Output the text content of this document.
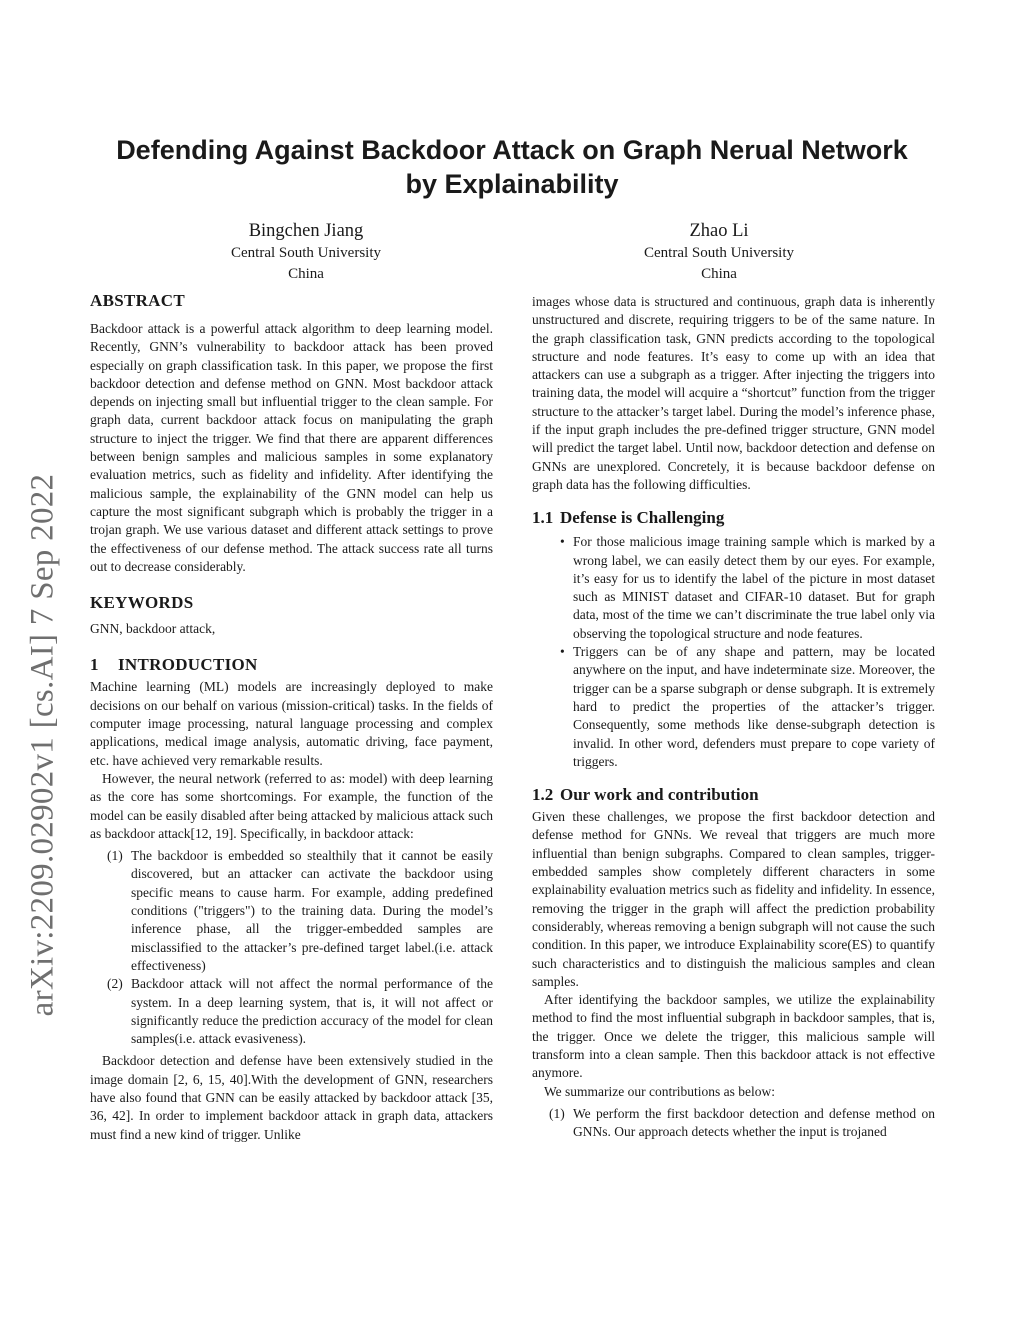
arXiv:2209.02902v1 [cs.AI] 7 Sep 2022
Defending Against Backdoor Attack on Graph Nerual Network
by Explainability
Bingchen Jiang
Central South University
China
Zhao Li
Central South University
China
ABSTRACT

Backdoor attack is a powerful attack algorithm to deep learning model. Recently, GNN’s vulnerability to backdoor attack has been proved especially on graph classification task. In this paper, we propose the first backdoor detection and defense method on GNN. Most backdoor attack depends on injecting small but influential trigger to the clean sample. For graph data, current backdoor attack focus on manipulating the graph structure to inject the trigger. We find that there are apparent differences between benign samples and malicious samples in some explanatory evaluation metrics, such as fidelity and infidelity. After identifying the malicious sample, the explainability of the GNN model can help us capture the most significant subgraph which is probably the trigger in a trojan graph. We use various dataset and different attack settings to prove the effectiveness of our defense method. The attack success rate all turns out to decrease considerably.

KEYWORDS

GNN, backdoor attack,

1 INTRODUCTION

Machine learning (ML) models are increasingly deployed to make decisions on our behalf on various (mission-critical) tasks. In the fields of computer image processing, natural language processing and complex applications, medical image analysis, automatic driving, face payment, etc. have achieved very remarkable results.

However, the neural network (referred to as: model) with deep learning as the core has some shortcomings. For example, the function of the model can be easily disabled after being attacked by malicious attack such as backdoor attack[12, 19]. Specifically, in backdoor attack:

(1) The backdoor is embedded so stealthily that it cannot be easily discovered, but an attacker can activate the backdoor using specific means to cause harm. For example, adding predefined conditions ("triggers") to the training data. During the model’s inference phase, all the trigger-embedded samples are misclassified to the attacker’s pre-defined target label.(i.e. attack effectiveness)
(2) Backdoor attack will not affect the normal performance of the system. In a deep learning system, that is, it will not affect or significantly reduce the prediction accuracy of the model for clean samples(i.e. attack evasiveness).

Backdoor detection and defense have been extensively studied in the image domain [2, 6, 15, 40].With the development of GNN, researchers have also found that GNN can be easily attacked by backdoor attack [35, 36, 42]. In order to implement backdoor attack in graph data, attackers must find a new kind of trigger. Unlike

images whose data is structured and continuous, graph data is inherently unstructured and discrete, requiring triggers to be of the same nature. In the graph classification task, GNN predicts according to the topological structure and node features. It’s easy to come up with an idea that attackers can use a subgraph as a trigger. After injecting the triggers into training data, the model will acquire a “shortcut” function from the trigger structure to the attacker’s target label. During the model’s inference phase, if the input graph includes the pre-defined trigger structure, GNN model will predict the target label. Until now, backdoor detection and defense on GNNs are unexplored. Concretely, it is because backdoor defense on graph data has the following difficulties.

1.1 Defense is Challenging
• For those malicious image training sample which is marked by a wrong label, we can easily detect them by our eyes. For example, it’s easy for us to identify the label of the picture in most dataset such as MINIST dataset and CIFAR-10 dataset. But for graph data, most of the time we can’t discriminate the true label only via observing the topological structure and node features.
• Triggers can be of any shape and pattern, may be located anywhere on the input, and have indeterminate size. Moreover, the trigger can be a sparse subgraph or dense subgraph. It is extremely hard to predict the properties of the attacker’s trigger. Consequently, some methods like dense-subgraph detection is invalid. In other word, defenders must prepare to cope variety of triggers.
1.2 Our work and contribution

Given these challenges, we propose the first backdoor detection and defense method for GNNs. We reveal that triggers are much more influential than benign subgraphs. Compared to clean samples, trigger-embedded samples show completely different characters in some explainability evaluation metrics such as fidelity and infidelity. In essence, removing the trigger in the graph will affect the prediction probability considerably, whereas removing a benign subgraph will not cause the such condition. In this paper, we introduce Explainability score(ES) to quantify such characteristics and to distinguish the malicious samples and clean samples.

After identifying the backdoor samples, we utilize the explainability method to find the most influential subgraph in backdoor samples, that is, the trigger. Once we delete the trigger, this malicious sample will transform into a clean sample. Then this backdoor attack is not effective anymore.

We summarize our contributions as below:

(1) We perform the first backdoor detection and defense method on GNNs. Our approach detects whether the input is trojaned
